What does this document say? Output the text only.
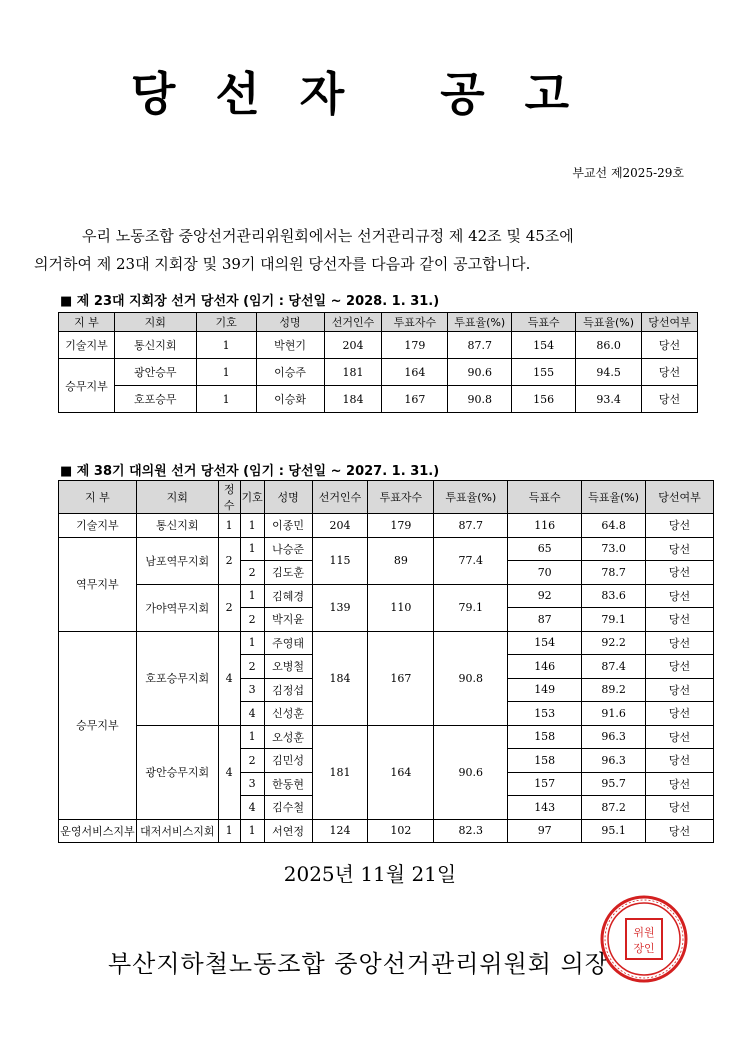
당선자 공고
부교선 제2025-29호

우리 노동조합 중앙선거관리위원회에서는 선거관리규정 제 42조 및 45조에

의거하여 제 23대 지회장 및 39기 대의원 당선자를 다음과 같이 공고합니다.

■ 제 23대 지회장 선거 당선자 (임기 : 당선일 ~ 2028. 1. 31.)
지 부	지회	기호	성명	선거인수	투표자수	투표율(%)	득표수	득표율(%)	당선여부
기술지부	통신지회	1	박현기	204	179	87.7	154	86.0	당선
승무지부	광안승무	1	이승주	181	164	90.6	155	94.5	당선
	호포승무	1	이승화	184	167	90.8	156	93.4	당선
■ 제 38기 대의원 선거 당선자 (임기 : 당선일 ~ 2027. 1. 31.)
지 부	지회	정수	기호	성명	선거인수	투표자수	투표율(%)	득표수	득표율(%)	당선여부
기술지부	통신지회	1	1	이종민	204	179	87.7	116	64.8	당선
역무지부	남포역무지회	2	1	나승준	115	89	77.4	65	73.0	당선
			2	김도훈				70	78.7	당선
	가야역무지회	2	1	김혜경	139	110	79.1	92	83.6	당선
			2	박지윤				87	79.1	당선
승무지부	호포승무지회	4	1	주영태	184	167	90.8	154	92.2	당선
			2	오병철				146	87.4	당선
			3	김정섭				149	89.2	당선
			4	신성훈				153	91.6	당선
	광안승무지회	4	1	오성훈	181	164	90.6	158	96.3	당선
			2	김민성				158	96.3	당선
			3	한동현				157	95.7	당선
			4	김수철				143	87.2	당선
운영서비스지부	대저서비스지회	1	1	서연정	124	102	82.3	97	95.1	당선
2025년 11월 21일
부산지하철노동조합 중앙선거관리위원회 의장
위원
장인
